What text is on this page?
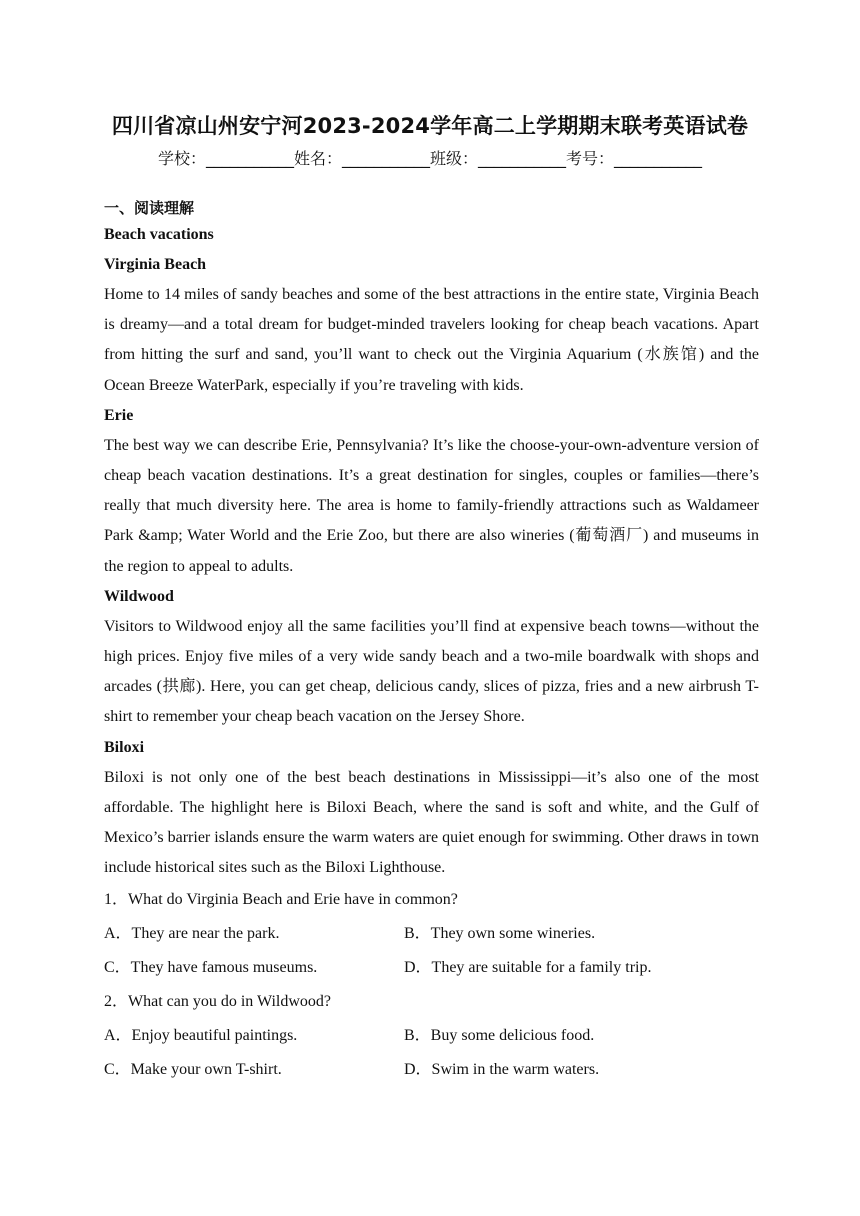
四川省凉山州安宁河2023-2024学年高二上学期期末联考英语试卷
学校：___________姓名：___________班级：___________考号：___________
一、阅读理解
Beach vacations
Virginia Beach
Home to 14 miles of sandy beaches and some of the best attractions in the entire state, Virginia Beach is dreamy—and a total dream for budget-minded travelers looking for cheap beach vacations. Apart from hitting the surf and sand, you’ll want to check out the Virginia Aquarium (水族馆) and the Ocean Breeze WaterPark, especially if you’re traveling with kids.
Erie
The best way we can describe Erie, Pennsylvania? It’s like the choose-your-own-adventure version of cheap beach vacation destinations. It’s a great destination for singles, couples or families—there’s really that much diversity here. The area is home to family-friendly attractions such as Waldameer Park &amp; Water World and the Erie Zoo, but there are also wineries (葡萄酒厂) and museums in the region to appeal to adults.
Wildwood
Visitors to Wildwood enjoy all the same facilities you’ll find at expensive beach towns—without the high prices. Enjoy five miles of a very wide sandy beach and a two-mile boardwalk with shops and arcades (拱廊). Here, you can get cheap, delicious candy, slices of pizza, fries and a new airbrush T-shirt to remember your cheap beach vacation on the Jersey Shore.
Biloxi
Biloxi is not only one of the best beach destinations in Mississippi—it’s also one of the most affordable. The highlight here is Biloxi Beach, where the sand is soft and white, and the Gulf of Mexico’s barrier islands ensure the warm waters are quiet enough for swimming. Other draws in town include historical sites such as the Biloxi Lighthouse.
1．What do Virginia Beach and Erie have in common?
A．They are near the park.	B．They own some wineries.
C．They have famous museums.	D．They are suitable for a family trip.
2．What can you do in Wildwood?
A．Enjoy beautiful paintings.	B．Buy some delicious food.
C．Make your own T-shirt.	D．Swim in the warm waters.
